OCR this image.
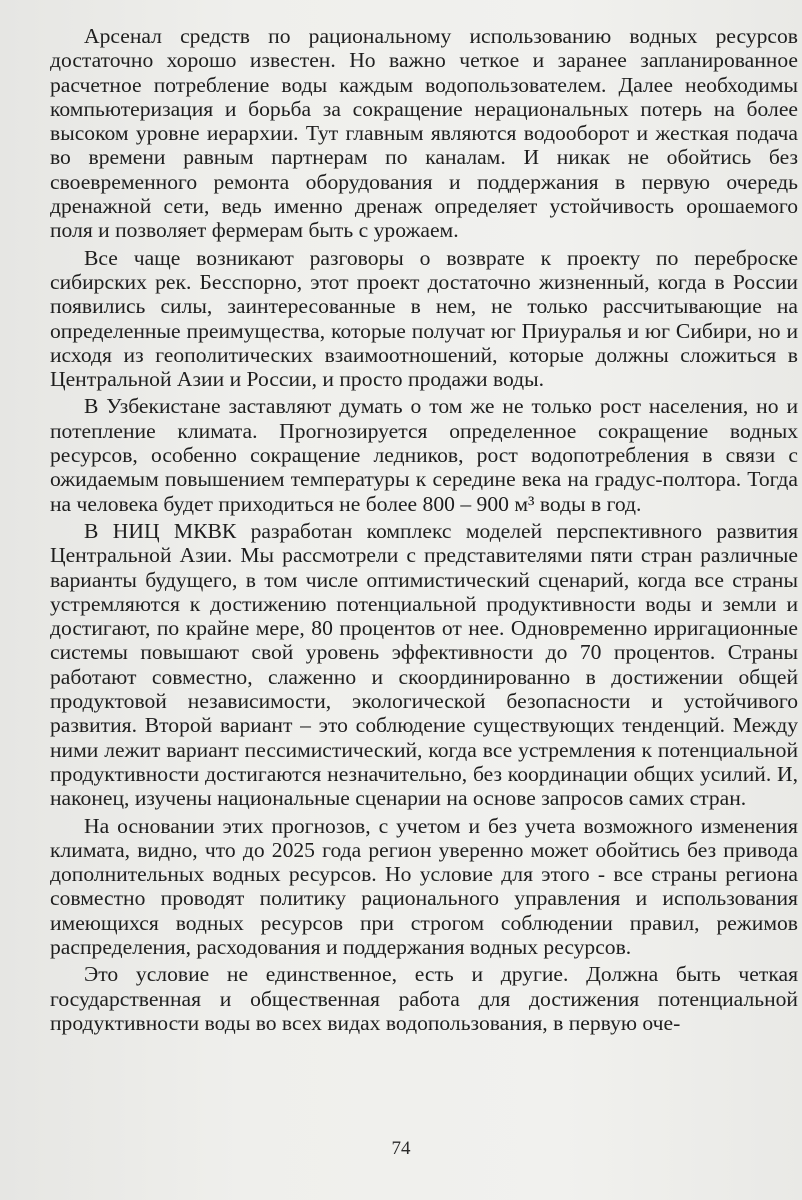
Арсенал средств по рациональному использованию водных ресурсов достаточно хорошо известен. Но важно четкое и заранее запланированное расчетное потребление воды каждым водопользователем. Далее необходимы компьютеризация и борьба за сокращение нерациональных потерь на более высоком уровне иерархии. Тут главным являются водооборот и жесткая подача во времени равным партнерам по каналам. И никак не обойтись без своевременного ремонта оборудования и поддержания в первую очередь дренажной сети, ведь именно дренаж определяет устойчивость орошаемого поля и позволяет фермерам быть с урожаем.

Все чаще возникают разговоры о возврате к проекту по переброске сибирских рек. Бесспорно, этот проект достаточно жизненный, когда в России появились силы, заинтересованные в нем, не только рассчитывающие на определенные преимущества, которые получат юг Приуралья и юг Сибири, но и исходя из геополитических взаимоотношений, которые должны сложиться в Центральной Азии и России, и просто продажи воды.

В Узбекистане заставляют думать о том же не только рост населения, но и потепление климата. Прогнозируется определенное сокращение водных ресурсов, особенно сокращение ледников, рост водопотребления в связи с ожидаемым повышением температуры к середине века на градус-полтора. Тогда на человека будет приходиться не более 800 – 900 м³ воды в год.

В НИЦ МКВК разработан комплекс моделей перспективного развития Центральной Азии. Мы рассмотрели с представителями пяти стран различные варианты будущего, в том числе оптимистический сценарий, когда все страны устремляются к достижению потенциальной продуктивности воды и земли и достигают, по крайне мере, 80 процентов от нее. Одновременно ирригационные системы повышают свой уровень эффективности до 70 процентов. Страны работают совместно, слаженно и скоординированно в достижении общей продуктовой независимости, экологической безопасности и устойчивого развития. Второй вариант – это соблюдение существующих тенденций. Между ними лежит вариант пессимистический, когда все устремления к потенциальной продуктивности достигаются незначительно, без координации общих усилий. И, наконец, изучены национальные сценарии на основе запросов самих стран.

На основании этих прогнозов, с учетом и без учета возможного изменения климата, видно, что до 2025 года регион уверенно может обойтись без привода дополнительных водных ресурсов. Но условие для этого - все страны региона совместно проводят политику рационального управления и использования имеющихся водных ресурсов при строгом соблюдении правил, режимов распределения, расходования и поддержания водных ресурсов.

Это условие не единственное, есть и другие. Должна быть четкая государственная и общественная работа для достижения потенциальной продуктивности воды во всех видах водопользования, в первую оче-

74
